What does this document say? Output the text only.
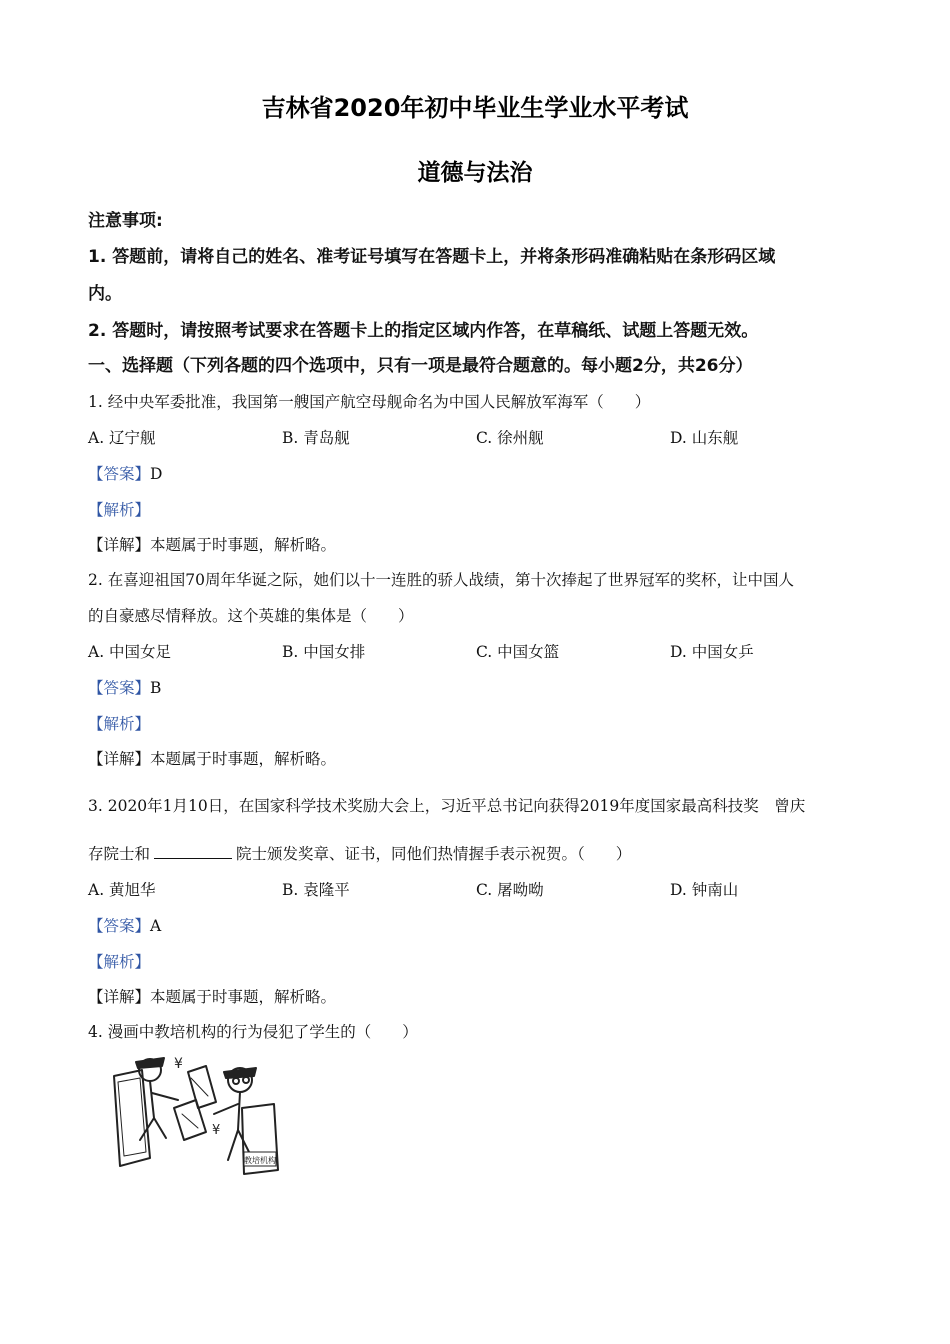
吉林省2020年初中毕业生学业水平考试
道德与法治
注意事项:
1. 答题前，请将自己的姓名、准考证号填写在答题卡上，并将条形码准确粘贴在条形码区域
内。
2. 答题时，请按照考试要求在答题卡上的指定区域内作答，在草稿纸、试题上答题无效。
一、选择题（下列各题的四个选项中，只有一项是最符合题意的。每小题2分，共26分）
1. 经中央军委批准，我国第一艘国产航空母舰命名为中国人民解放军海军（　　）
A. 辽宁舰	B. 青岛舰	C. 徐州舰	D. 山东舰
【答案】D
【解析】
【详解】本题属于时事题，解析略。
2. 在喜迎祖国70周年华诞之际，她们以十一连胜的骄人战绩，第十次捧起了世界冠军的奖杯，让中国人
的自豪感尽情释放。这个英雄的集体是（　　）
A. 中国女足	B. 中国女排	C. 中国女篮	D. 中国女乒
【答案】B
【解析】
【详解】本题属于时事题，解析略。
3. 2020年1月10日，在国家科学技术奖励大会上，习近平总书记向获得2019年度国家最高科技奖　曾庆
存院士和	院士颁发奖章、证书，同他们热情握手表示祝贺。（　　）
A. 黄旭华	B. 袁隆平	C. 屠呦呦	D. 钟南山
【答案】A
【解析】
【详解】本题属于时事题，解析略。
4. 漫画中教培机构的行为侵犯了学生的（　　）
¥
¥
教培机构
